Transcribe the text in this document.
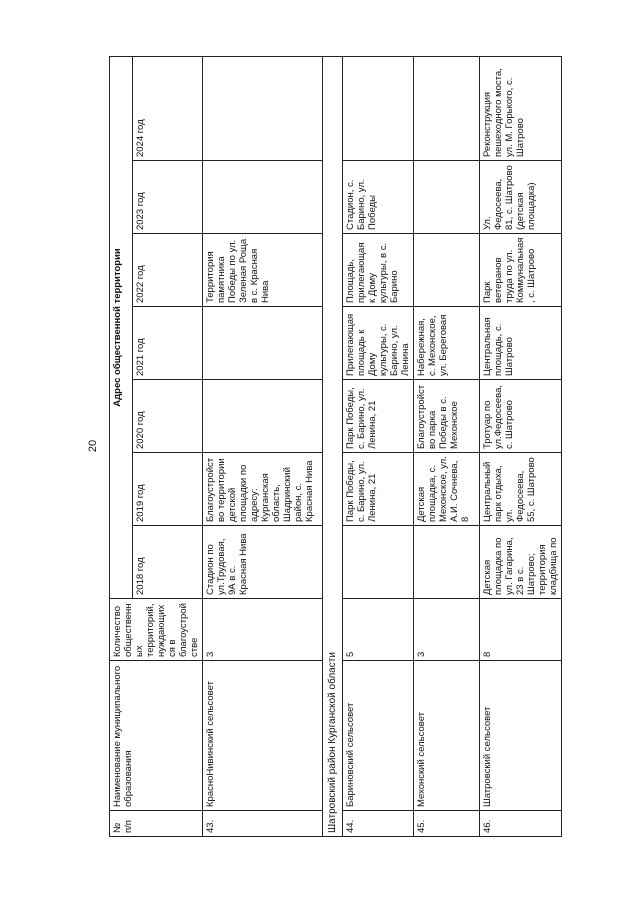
20
№ п/п	Наименование муниципального образования	Количество общественных территорий, нуждающихся в благоустройстве	Адрес общественной территории						
			2018 год	2019 год	2020 год	2021 год	2022 год	2023 год	2024 год
43.	КрасноНивинский сельсовет	3	Стадион по ул.Трудовая, 9А в с. Красная Нива	Благоустройство территории детской площадки по адресу: Курганская область, Шадринский район, с. Красная Нива			Территория памятника Победы по ул. Зеленая Роща в с. Красная Нива		
Шатровский район Курганской области									
44.	Бариновский сельсовет	5		Парк Победы, с. Барино, ул. Ленина, 21	Парк Победы, с. Барино, ул. Ленина, 21	Прилегающая площадь к Дому культуры, с. Барино, ул. Ленина	Площадь, прилегающая к Дому культуры, в с. Барино	Стадион, с. Барино, ул. Победы	
45.	Мехонский сельсовет	3		Детская площадка, с. Мехонское, ул. А.И. Сочнева, 8	Благоустройство парка Победы в с. Мехонское	Набережная, с. Мехонское, ул. Береговая			
46.	Шатровский сельсовет	8	Детская площадка по ул. Гагарина, 23 в с. Шатрово; территория кладбища по	Центральный парк отдыха, ул. Федосеева, 55, с. Шатрово	Тротуар по ул.Федосеева, с. Шатрово	Центральная площадь, с. Шатрово	Парк ветеранов труда по ул. Коммунальная, с. Шатрово	Ул. Федосеева, 81, с. Шатрово (детская площадка)	Реконструкция пешеходного моста, ул. М. Горького, с. Шатрово
